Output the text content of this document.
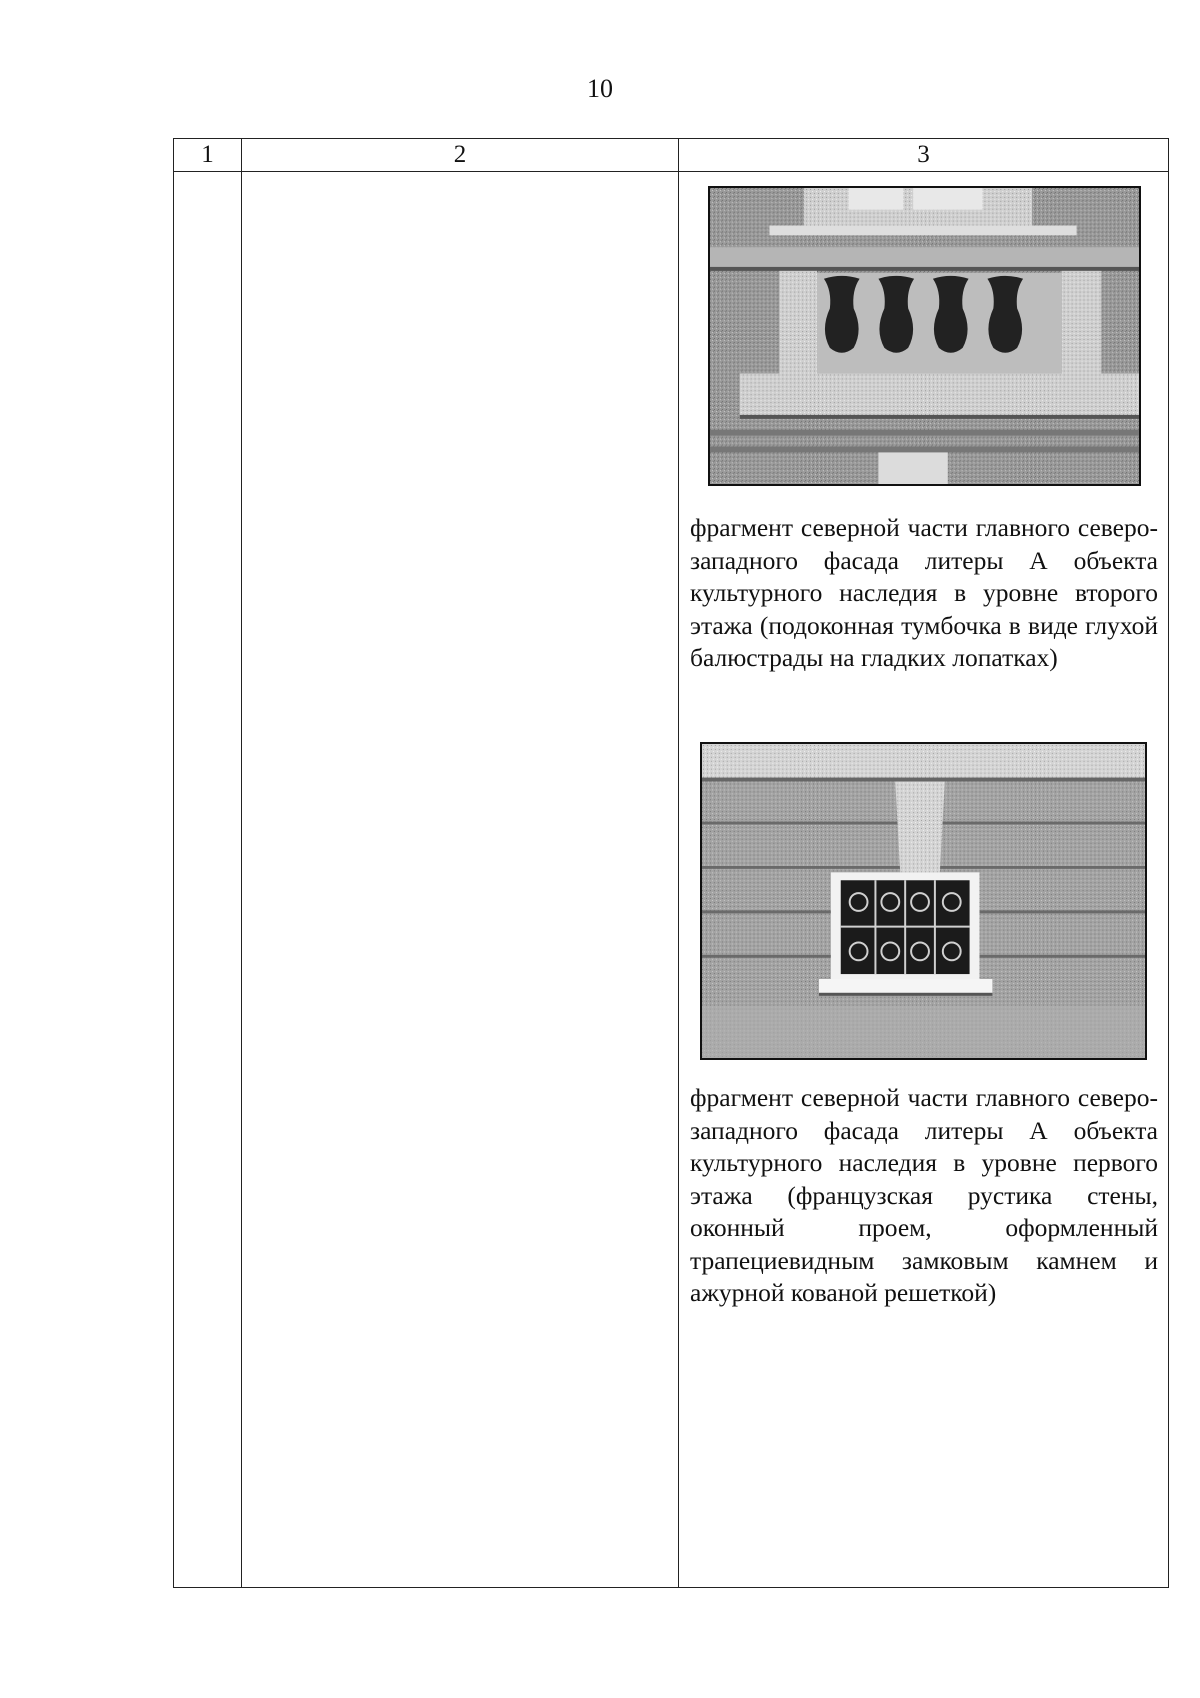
10
1	2	3

		фрагмент северной части главного северо-западного фасада литеры А объекта культурного наследия в уровне второго этажа (подоконная тумбочка в виде глухой балюстрады на гладких лопатках)

фрагмент северной части главного северо-западного фасада литеры А объекта культурного наследия в уровне первого этажа (французская рустика стены, оконный проем, оформленный трапециевидным замковым камнем и ажурной кованой решеткой)
